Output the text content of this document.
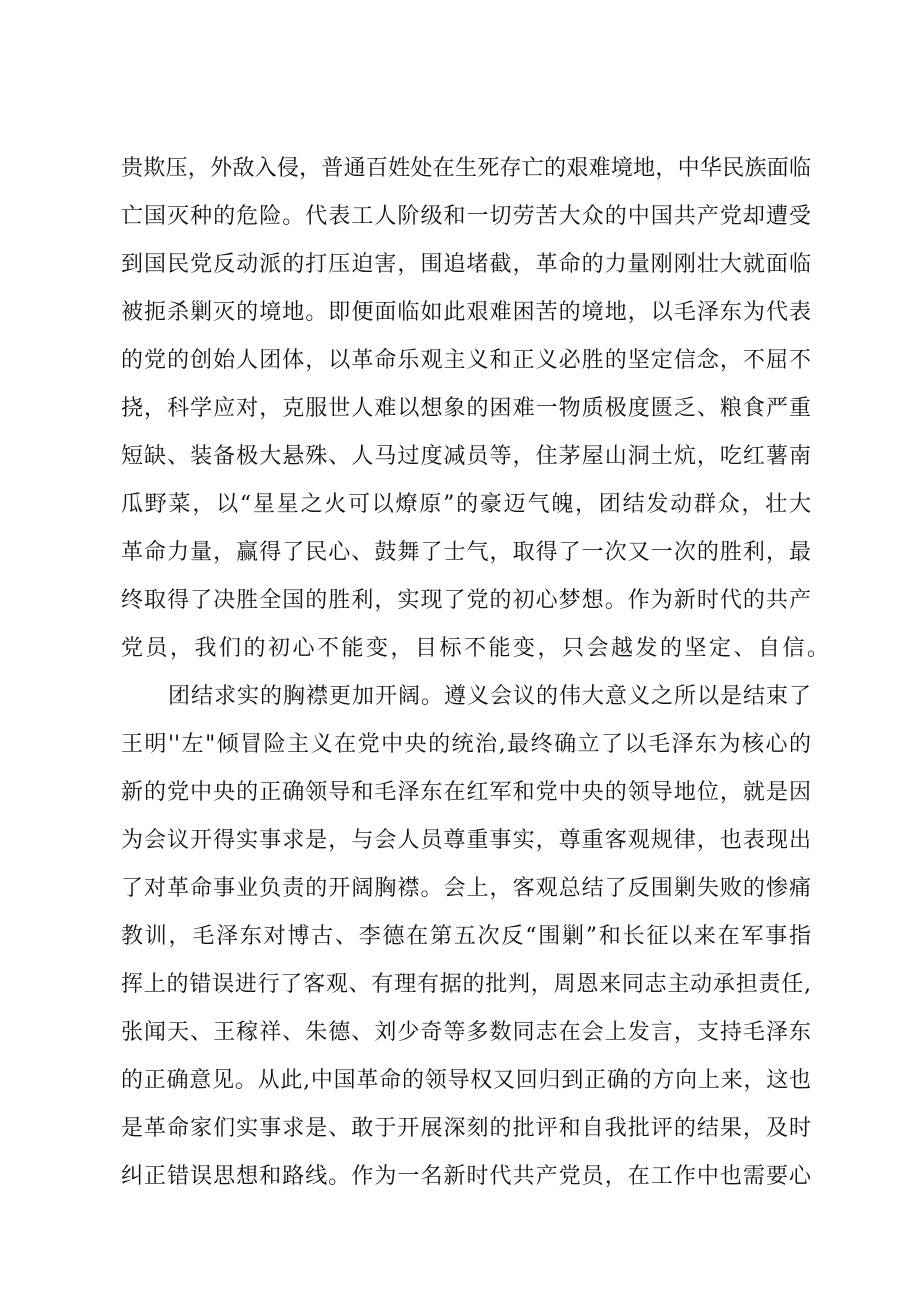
贵欺压，外敌入侵，普通百姓处在生死存亡的艰难境地，中华民族面临
亡国灭种的危险。代表工人阶级和一切劳苦大众的中国共产党却遭受
到国民党反动派的打压迫害，围追堵截，革命的力量刚刚壮大就面临
被扼杀剿灭的境地。即便面临如此艰难困苦的境地，以毛泽东为代表
的党的创始人团体，以革命乐观主义和正义必胜的坚定信念，不屈不
挠，科学应对，克服世人难以想象的困难一物质极度匮乏、粮食严重
短缺、装备极大悬殊、人马过度减员等，住茅屋山洞土炕，吃红薯南
瓜野菜，以“星星之火可以燎原”的豪迈气魄，团结发动群众，壮大
革命力量，赢得了民心、鼓舞了士气，取得了一次又一次的胜利，最
终取得了决胜全国的胜利，实现了党的初心梦想。作为新时代的共产
党员，我们的初心不能变，目标不能变，只会越发的坚定、自信。
团结求实的胸襟更加开阔。遵义会议的伟大意义之所以是结束了
王明''左"倾冒险主义在党中央的统治,最终确立了以毛泽东为核心的
新的党中央的正确领导和毛泽东在红军和党中央的领导地位，就是因
为会议开得实事求是，与会人员尊重事实，尊重客观规律，也表现出
了对革命事业负责的开阔胸襟。会上，客观总结了反围剿失败的惨痛
教训，毛泽东对博古、李德在第五次反“围剿”和长征以来在军事指
挥上的错误进行了客观、有理有据的批判，周恩来同志主动承担责任,
张闻天、王稼祥、朱德、刘少奇等多数同志在会上发言，支持毛泽东
的正确意见。从此,中国革命的领导权又回归到正确的方向上来，这也
是革命家们实事求是、敢于开展深刻的批评和自我批评的结果，及时
纠正错误思想和路线。作为一名新时代共产党员，在工作中也需要心
